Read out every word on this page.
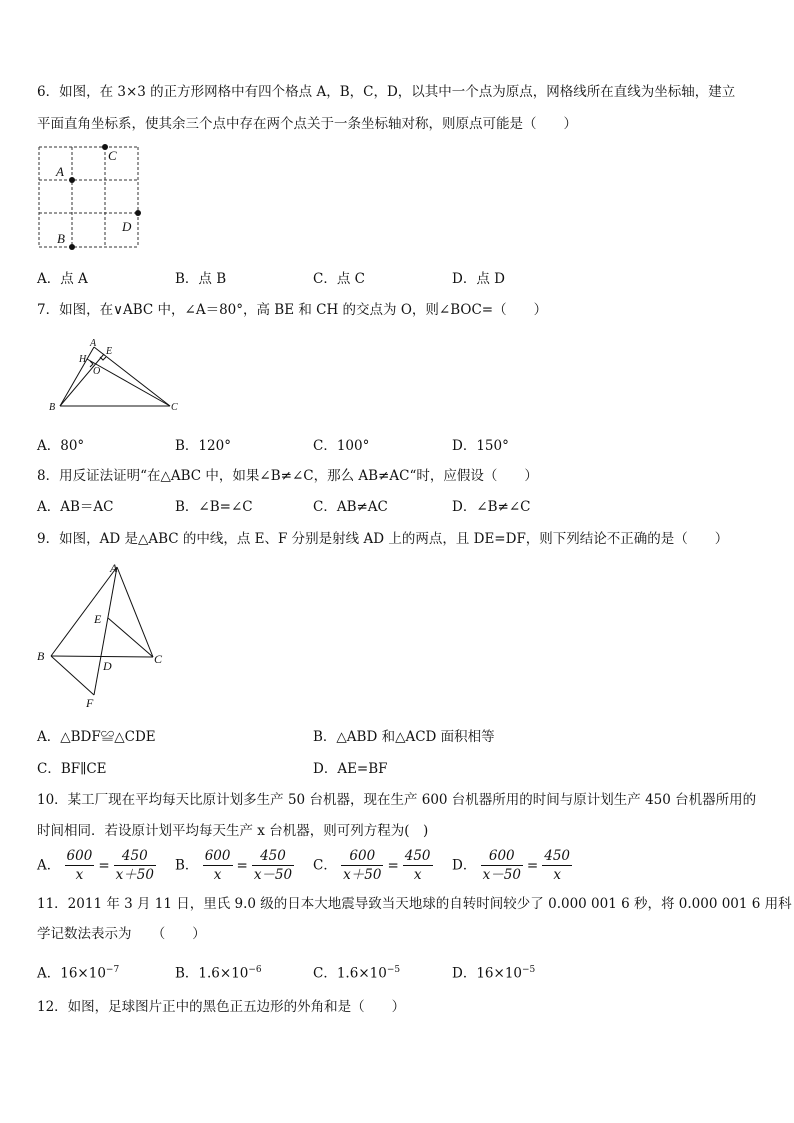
6．如图，在 3×3 的正方形网格中有四个格点 A，B，C，D，以其中一个点为原点，网格线所在直线为坐标轴，建立
平面直角坐标系，使其余三个点中存在两个点关于一条坐标轴对称，则原点可能是（　　）
C
A
D
B
A．点 A	B．点 B	C．点 C	D．点 D
7．如图，在∨ABC 中，∠A＝80°，高 BE 和 CH 的交点为 O，则∠BOC=（　　）
A
E
H
O
B	C
A．80°	B．120°	C．100°	D．150°
8．用反证法证明“在△ABC 中，如果∠B≠∠C，那么 AB≠AC“时，应假设（　　）
A．AB＝AC	B．∠B=∠C	C．AB≠AC	D．∠B≠∠C
9．如图，AD 是△ABC 的中线，点 E、F 分别是射线 AD 上的两点，且 DE=DF，则下列结论不正确的是（　　）
A
E
B
D	C
F
A．△BDF≌△CDE	B．△ABD 和△ACD 面积相等
C．BF∥CE	D．AE=BF
10．某工厂现在平均每天比原计划多生产 50 台机器，现在生产 600 台机器所用的时间与原计划生产 450 台机器所用的
时间相同．若设原计划平均每天生产 x 台机器，则可列方程为(　)
A． $\frac{600}{x} = \frac{450}{x+50}$ B． $\frac{600}{x} = \frac{450}{x-50}$ C． $\frac{600}{x+50} = \frac{450}{x}$ D． $\frac{600}{x-50} = \frac{450}{x}$
11．2011 年 3 月 11 日，里氏 9.0 级的日本大地震导致当天地球的自转时间较少了 0.000 001 6 秒，将 0.000 001 6 用科
学记数法表示为　　（　　）
A．$16\times 10^{-7}$	B．$1.6\times 10^{-6}$	C．$1.6\times 10^{-5}$	D．$16\times 10^{-5}$
12．如图，足球图片正中的黑色正五边形的外角和是（　　）
